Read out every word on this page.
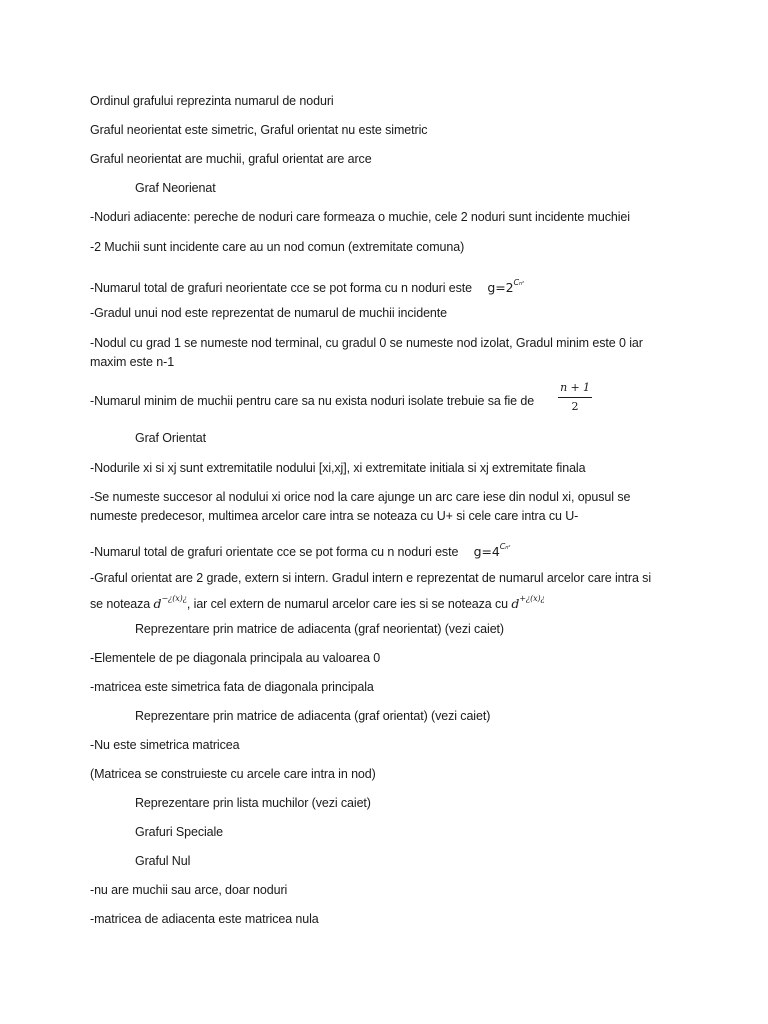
Ordinul grafului reprezinta numarul de noduri
Graful neorientat este simetric, Graful orientat nu este simetric
Graful neorientat are muchii, graful orientat are arce
Graf Neorienat
-Noduri adiacente: pereche de noduri care formeaza o muchie, cele 2 noduri sunt incidente muchiei
-2 Muchii sunt incidente care au un nod comun (extremitate comuna)
-Numarul total de grafuri neorientate cce se pot forma cu n noduri este $g=2^{Cn^2}$
-Gradul unui nod este reprezentat de numarul de muchii incidente
-Nodul cu grad 1 se numeste nod terminal, cu gradul 0 se numeste nod izolat, Gradul minim este 0 iar
maxim este n-1
-Numarul minim de muchii pentru care sa nu exista noduri isolate trebuie sa fie de
n + 1
2
Graf Orientat
-Nodurile xi si xj sunt extremitatile nodului [xi,xj], xi extremitate initiala si xj extremitate finala
-Se numeste succesor al nodului xi orice nod la care ajunge un arc care iese din nodul xi, opusul se
numeste predecesor, multimea arcelor care intra se noteaza cu U+ si cele care intra cu U-
-Numarul total de grafuri orientate cce se pot forma cu n noduri este $g=4^{Cn^2}$
-Graful orientat are 2 grade, extern si intern. Gradul intern e reprezentat de numarul arcelor care intra si
se noteaza $d^{-¿(x)¿}$, iar cel extern de numarul arcelor care ies si se noteaza cu $d^{+¿(x)¿}$
Reprezentare prin matrice de adiacenta (graf neorientat) (vezi caiet)
-Elementele de pe diagonala principala au valoarea 0
-matricea este simetrica fata de diagonala principala
Reprezentare prin matrice de adiacenta (graf orientat) (vezi caiet)
-Nu este simetrica matricea
(Matricea se construieste cu arcele care intra in nod)
Reprezentare prin lista muchilor (vezi caiet)
Grafuri Speciale
Graful Nul
-nu are muchii sau arce, doar noduri
-matricea de adiacenta este matricea nula
